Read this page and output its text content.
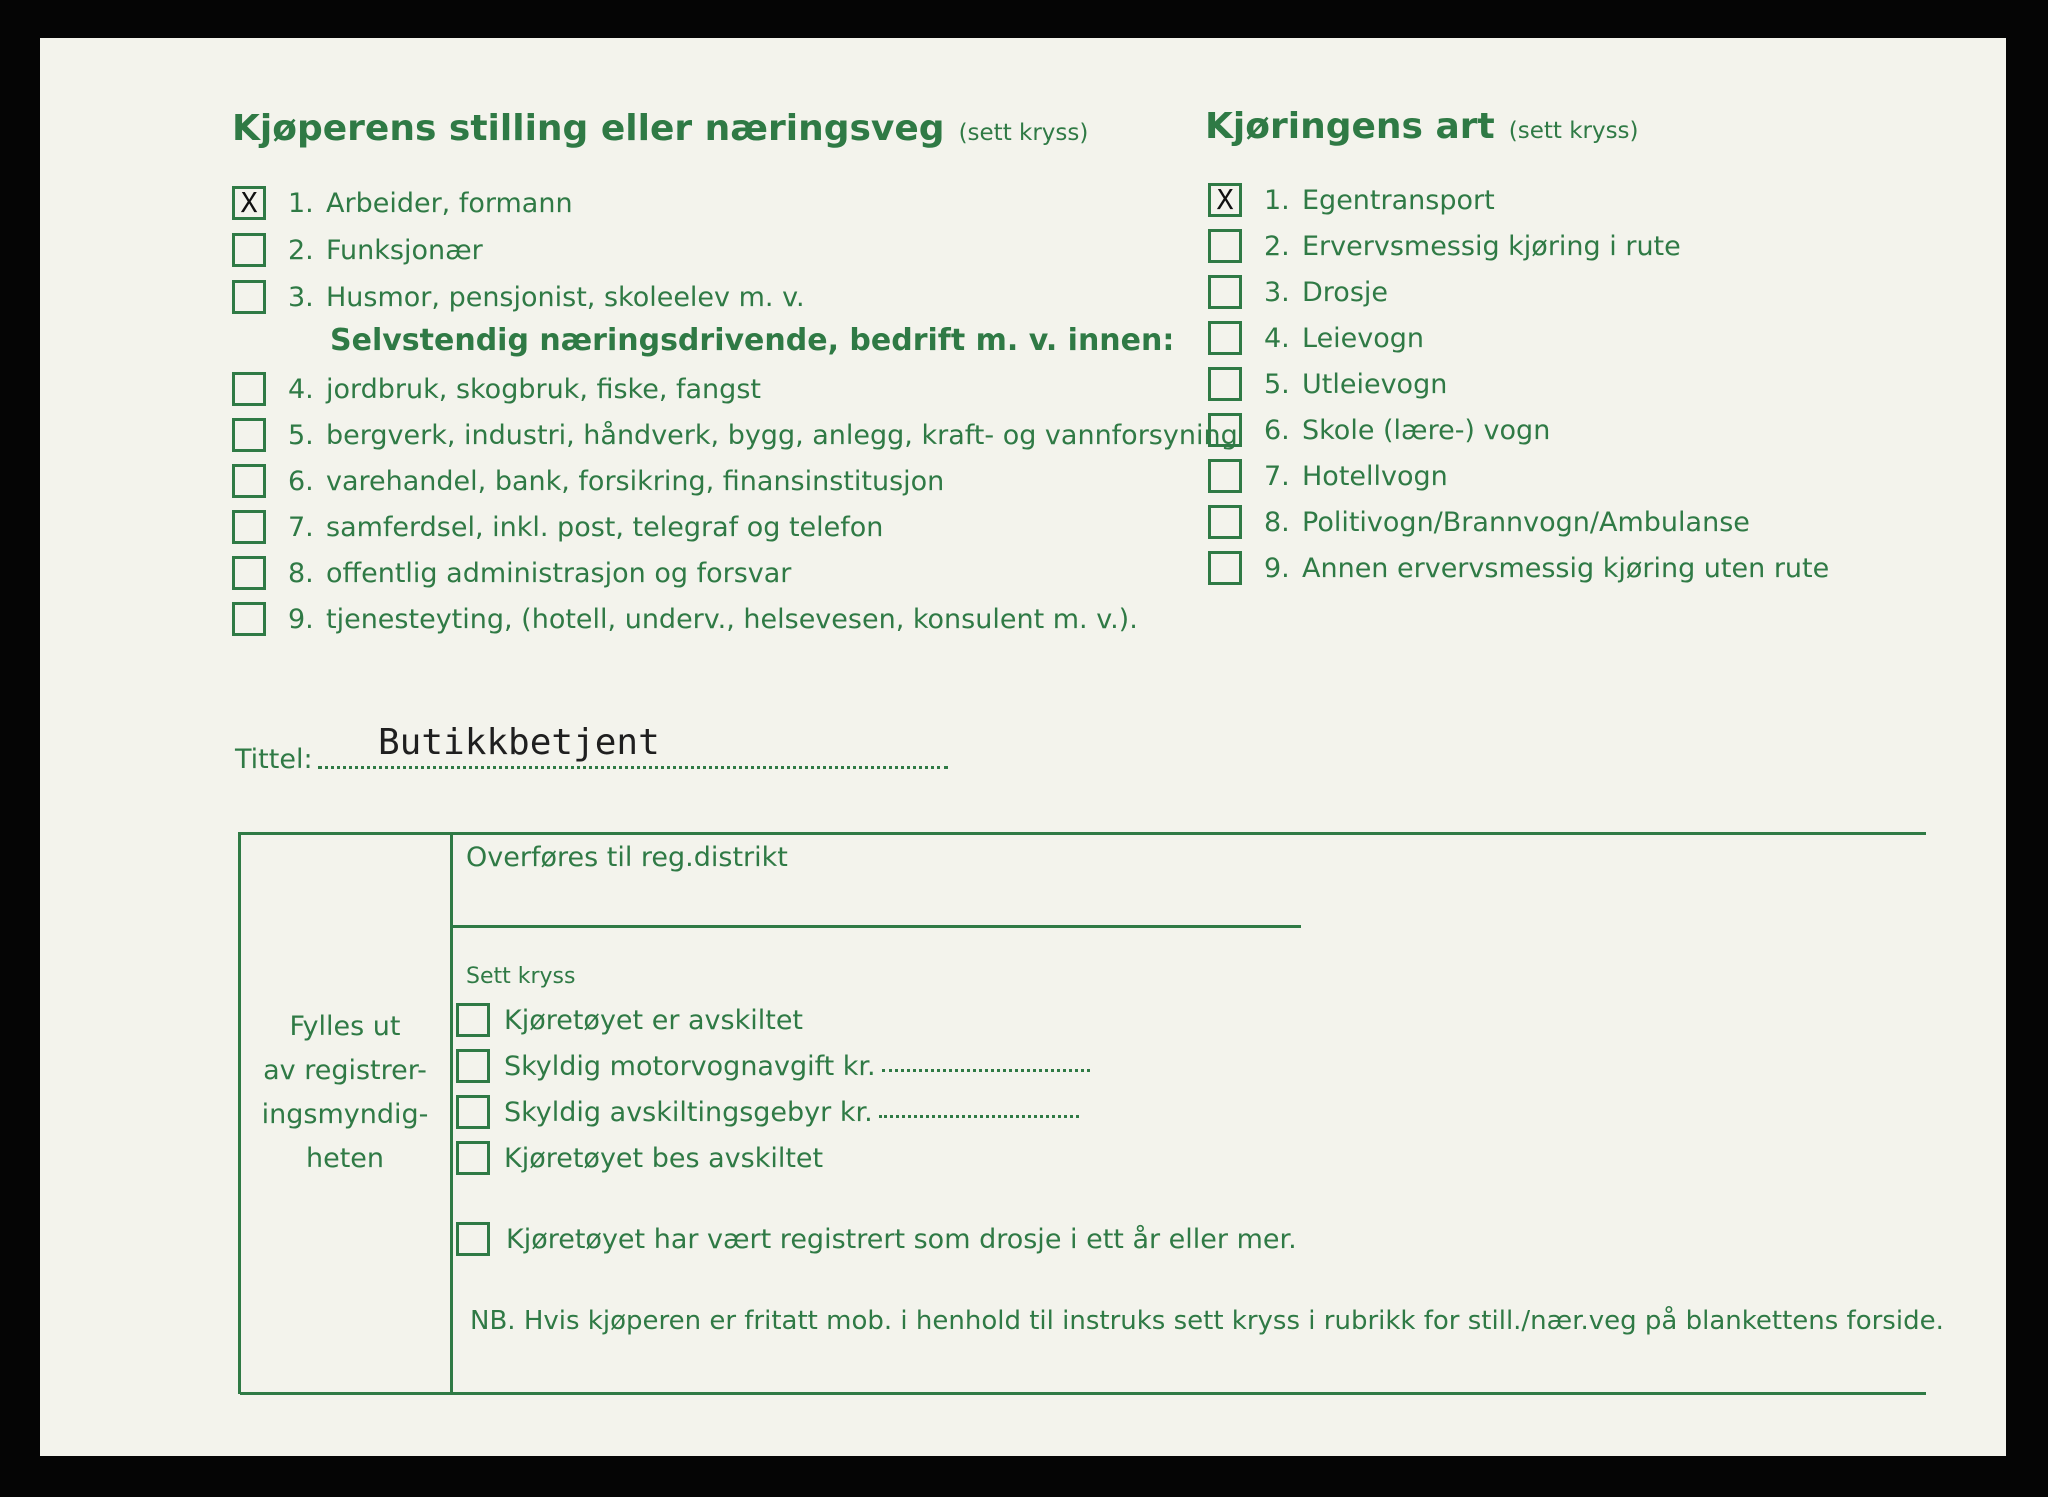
Kjøperens stilling eller næringsveg (sett kryss)	Kjøringens art (sett kryss)
X	1. Arbeider, formann
2. Funksjonær
3. Husmor, pensjonist, skoleelev m. v.
Selvstendig næringsdrivende, bedrift m. v. innen:
4. jordbruk, skogbruk, fiske, fangst
5. bergverk, industri, håndverk, bygg, anlegg, kraft- og vannforsyning
6. varehandel, bank, forsikring, finansinstitusjon
7. samferdsel, inkl. post, telegraf og telefon
8. offentlig administrasjon og forsvar
9. tjenesteyting, (hotell, underv., helsevesen, konsulent m. v.).
X	1. Egentransport
2. Ervervsmessig kjøring i rute
3. Drosje
4. Leievogn
5. Utleievogn
6. Skole (lære-) vogn
7. Hotellvogn
8. Politivogn/Brannvogn/Ambulanse
9. Annen ervervsmessig kjøring uten rute
Tittel: Butikkbetjent
Fylles ut
av registrer-
ingsmyndig-
heten
Overføres til reg.distrikt
Sett kryss
Kjøretøyet er avskiltet
Skyldig motorvognavgift kr.
Skyldig avskiltingsgebyr kr.
Kjøretøyet bes avskiltet
Kjøretøyet har vært registrert som drosje i ett år eller mer.
NB. Hvis kjøperen er fritatt mob. i henhold til instruks sett kryss i rubrikk for still./nær.veg på blankettens forside.
